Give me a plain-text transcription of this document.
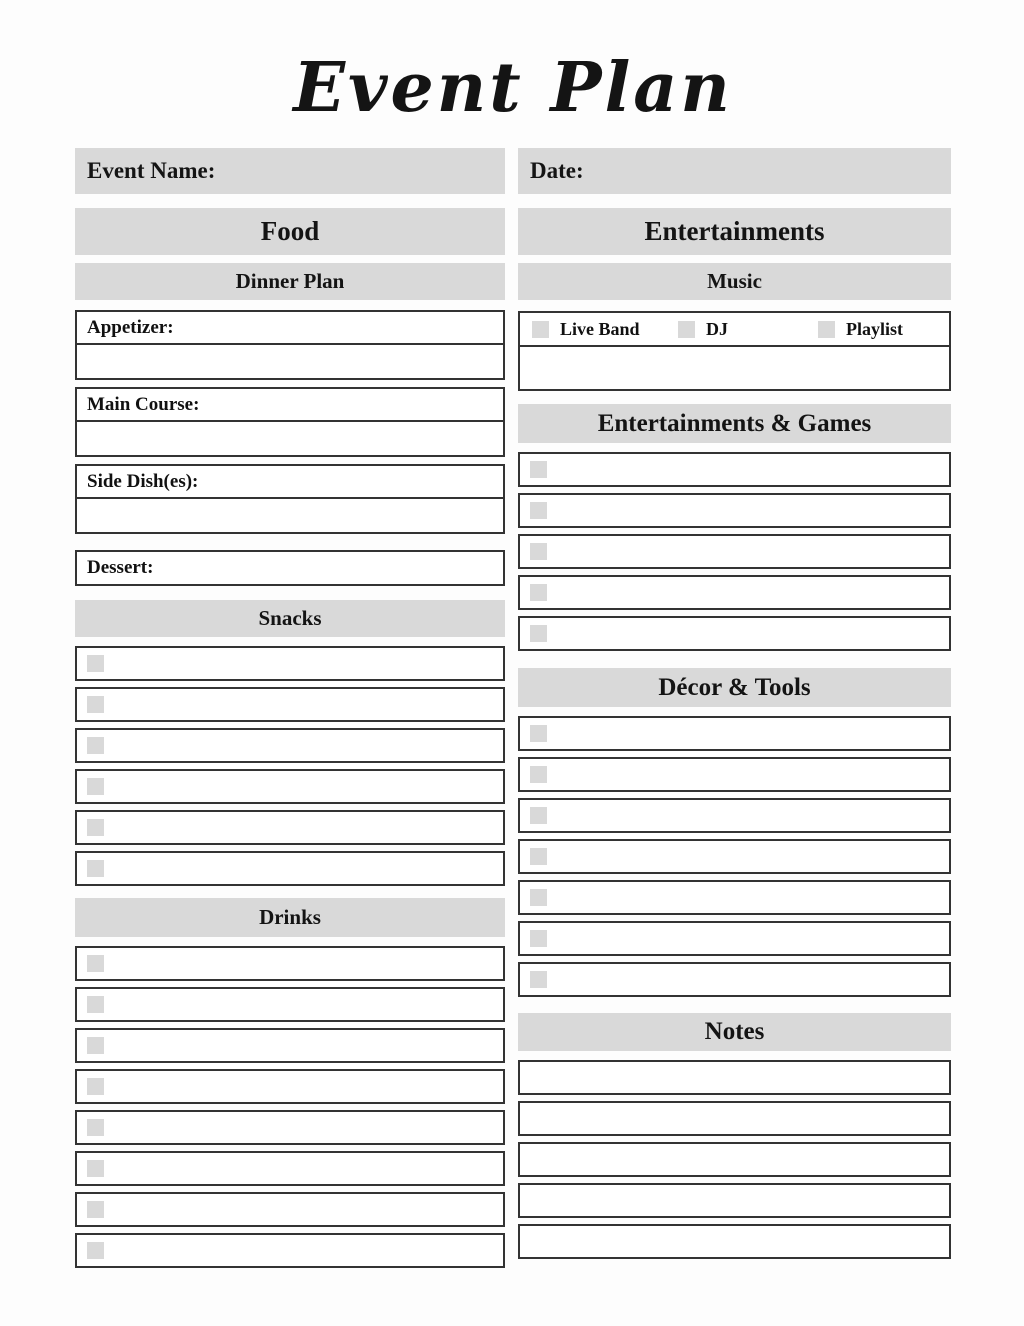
Event Plan
Event Name:
Food
Dinner Plan
Appetizer:
Main Course:
Side Dish(es):
Dessert:
Snacks
Drinks
Date:
Entertainments
Music
Live Band	DJ	Playlist
Entertainments & Games
Décor & Tools
Notes
